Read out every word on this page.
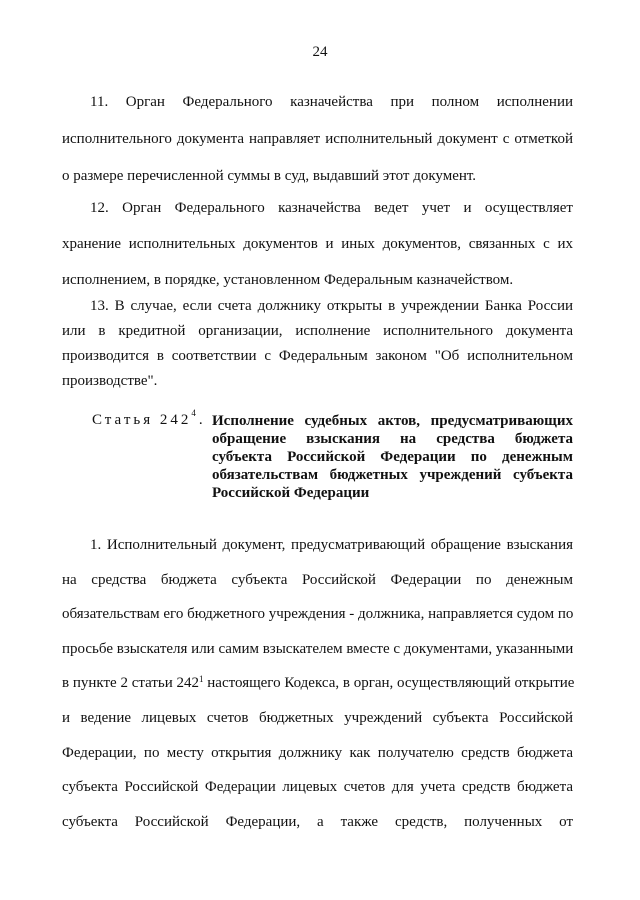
24
11. Орган Федерального казначейства при полном исполнении
исполнительного документа направляет исполнительный документ с отметкой
о размере перечисленной суммы в суд, выдавший этот документ.
12. Орган Федерального казначейства ведет учет и осуществляет
хранение исполнительных документов и иных документов, связанных с их
исполнением, в порядке, установленном Федеральным казначейством.
13. В случае, если счета должнику открыты в учреждении Банка России
или в кредитной организации, исполнение исполнительного документа
производится в соответствии с Федеральным законом "Об исполнительном
производстве".
Статья $242^4$. Исполнение судебных актов, предусматривающих
обращение взыскания на средства бюджета
субъекта Российской Федерации по денежным
обязательствам бюджетных учреждений субъекта
Российской Федерации
1. Исполнительный документ, предусматривающий обращение взыскания
на средства бюджета субъекта Российской Федерации по денежным
обязательствам его бюджетного учреждения - должника, направляется судом по
просьбе взыскателя или самим взыскателем вместе с документами, указанными
в пункте 2 статьи $242^1$ настоящего Кодекса, в орган, осуществляющий открытие
и ведение лицевых счетов бюджетных учреждений субъекта Российской
Федерации, по месту открытия должнику как получателю средств бюджета
субъекта Российской Федерации лицевых счетов для учета средств бюджета
субъекта Российской Федерации, а также средств, полученных от
